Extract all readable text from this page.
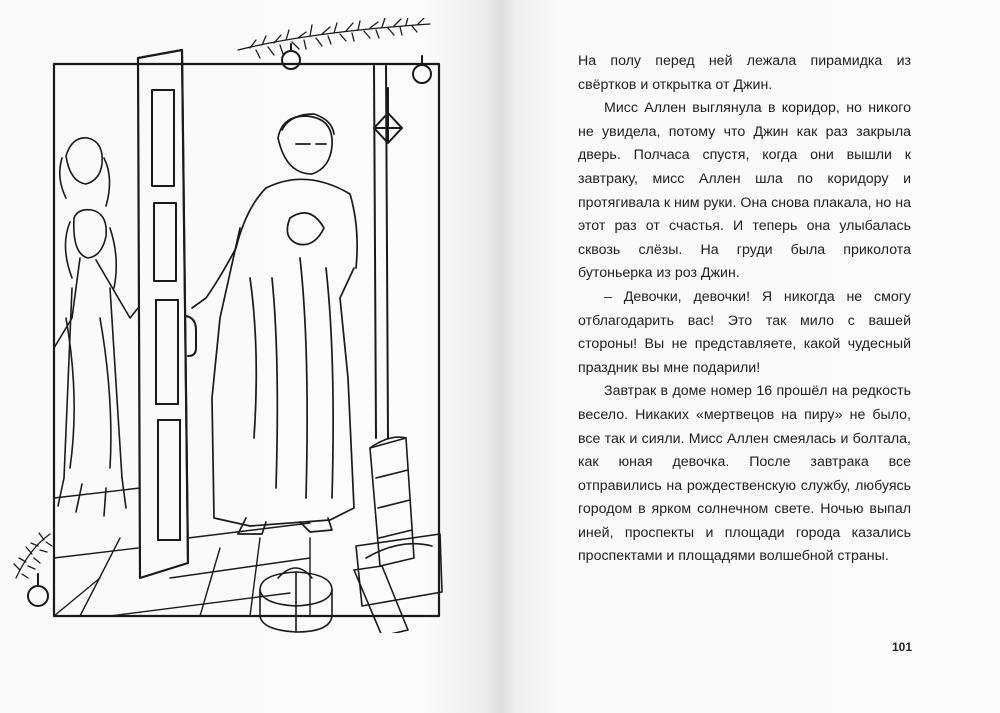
На полу перед ней лежала пирамидка из свёртков и открытка от Джин.

Мисс Аллен выглянула в коридор, но никого не увидела, потому что Джин как раз закрыла дверь. Полчаса спустя, когда они вышли к завтраку, мисс Аллен шла по коридору и протягивала к ним руки. Она снова плакала, но на этот раз от счастья. И теперь она улыбалась сквозь слёзы. На груди была приколота бутоньерка из роз Джин.

– Девочки, девочки! Я никогда не смогу отблагодарить вас! Это так мило с вашей стороны! Вы не представляете, какой чудесный праздник вы мне подарили!

Завтрак в доме номер 16 прошёл на редкость весело. Никаких «мертвецов на пиру» не было, все так и сияли. Мисс Аллен смеялась и болтала, как юная девочка. После завтрака все отправились на рождественскую службу, любуясь городом в ярком солнечном свете. Ночью выпал иней, проспекты и площади города казались проспектами и площадями волшебной страны.

101
